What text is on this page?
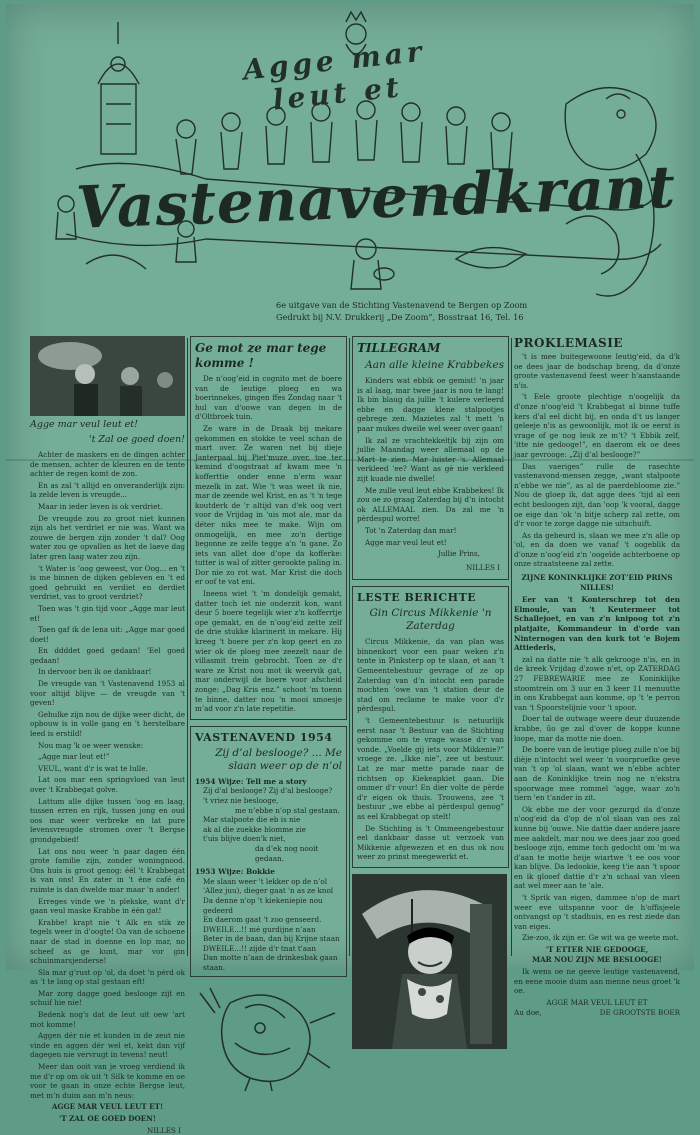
Agge mar leut et
Vastenavendkrant
6e uitgave van de Stichting Vastenavend te Bergen op Zoom
Gedrukt bij N.V. Drukkerij „De Zoom”, Bosstraat 16, Tel. 16
Agge mar veul leut et!
't Zal oe goed doen!

Achter de maskers en de dingen achter de mensen, achter de kleuren en de tente achter de regen komt de zon.

En as zal 't allijd en onveranderlijk zijn: la zelde leven is vreugde...

Maar in ieder leven is ok verdriet.

De vreugde zou zo groot niet kunnen zijn als het verdriet er nie was. Want wa zouwe de bergen zijn zonder 't dal? Oog water zou ge opvallen as het de laeve dag later gren laag water zou zijn.

't Water is ’oog geweest, vor Oog... en 't is me binnen de dijken gebleven en 't ed goed gebruikt en verdiet en derdiet verdriet, vas to groot verdriet?

Toen was 't gin tijd voor „Agge mar leut et!

Toen gaf ik de lena uit: „Agge mar goed doet!

En ddddet goed gedaan! 'Eel goed gedaan!

In dervoor ben ik oe dankbaar!

De vreugde van 't Vastenavend 1953 al voor altijd blijve — de vreugde van 't geven!

Gehulke zijn nou de dijke weer dicht, de opbouw is in volle gang en 't herstelbare leed is erstild!

Nou mag 'k oe weer wenske:

„Agge mar leut et!”

VEUL, want d'r is wat te lulle.

Lat oos mar een springvloed van leut over 't Krabbegat golve.

Lattum alle dijke tussen 'oog en laag, tussen erren en rijk, tussen jong en oud oos mar weer verbreke en lat pure levensvreugde stromen over 't Bergse grondgebied!

Lat ons nou weer 'n paar dagen één grote familie zijn, zonder woningnood. Ons huis is groot genog: éél 't Krabbegat is van ons! En zater in 't éne café én ruimte is dan dwelde mar maar 'n ander!

Erreges vinde we 'n plekske, want d'r gaan veul maske Krabbe in één gat!

Krabbe! krapt nie 't Alk en stik ze tegels weer in d'oogte! Oa van de schoene naar de stad in doenne en lop mar, no scheef as ge kunt, mar vor gin schuinmarsjenderse!

Sla mar g’rust op 'ol, da doet 'n pérd ok as 't te lang op stal gestaan eft!

Mar zorg dagge goed beslooge zijt en schuif hie nie!

Bedenk nog's dat de leut uit oew 'art mot komme!

Aggen dér nie et kunden in de zeut nie vinde en aggen dér wel et, kekt dan vijf dagegen nie vervrugt in tevens! neut!

Meer dan ooit van je vroeg verdiend ik me d'r op om ok uit 't Silk te komme en oe voor te gaan in onze echte Bergse leut, met m’n duim aan m’n neus:

AGGE MAR VEUL LEUT ET!

'T ZAL OE GOED DOEN!

NILLES I
Ge mot ze mar tege komme !

De n’oog’eid in cognito met de boere van de leutige ploeg en wa boerinnekes, gingen ffes Zondag naar 't hul van d'oowe van degen in de d'Oltbroek tuin.

Ze ware in de Draak bij mekare gekommen en stokke te veel schan de mart over. Ze waren net bij dieje Janterpaal bij Piet'muze over, toe ter kemind d'oogstraat af kwam mee 'n kofferttie onder enne n’erm waar mezelk in zat. Wie 't was weet ik nie, mar de zeende wel Krist, en as 't 'n tege koutderk de 'r altijd van d'ek oog vert voor de Vrijdag in 'uis mot ale, mar da déter niks mee te make. Wijn om onmogelijk, en mee zo'n dertige begonne ze zelfe tegge a'n 'n gane. Zo iets van allet doe d’ope da kofferke: tutter is wal of zitter gerookte paling in. Dor nie zo rot wat. Mar Krist die doch er oof te vat eni.

Ineens wiet 't 'm dondelijk gemakt, datter toch iet nie onderzit kon, want deur 5 boere tegelijk wier z'n kofferrtje ope gemakt, en de n’oog’eid zette zelf de drie stukke klarinerit in mekare. Hij kreeg 't boere per z'n kop geert en zo wier ok de ploeg mee zeezelt naar de villasmit trein gebrocht. Toen ze d'r ware ze Krist nou mot ik weervik gat, mar onderwijl de boere voor afscheid zonge: „Dag Kris enz.” schoot 'm toenn te binne, datter nou 'n mooi smoesje m’ad voor z'n late repetitie.

VASTENAVEND 1954
Zij d’al beslooge? ... Me slaan weer op de n’ol
1954 Wijze: Tell me a story
Zij d'al beslooge? Zij d'al beslooge?
't vriez nie beslooge,
me n’ebbe n’op stal gestaan.
Mar stalpoote die eb is nie
ak al die zuekke blomme zie
t'uis blijve doen'k niet,
da d’ek nog nooit gedaan.
1953 Wijze: Bokkie
Me slaan weer 't lekker op de n’ol
'Allez juu), dieger gaat 'n as ze knol
Da denne n'op 't kiekeniepie nou gedeerd
En daerom gaat 't zoo genseerd.
DWEILE...!! mé gurdijne n’aan
Beter in de baan, dan bij Krijne staan
DWEILE...!! zijde d'r tnat t'aan
Dan motte n’aan de drinkesbak gaan staan.
TILLEGRAM
Aan alle kleine Krabbekes

Kinders wat ebbik oe gemist! 'n jaar is al laag, mar twee jaar is nou te lang! Ik bin blaug da jullie 't kulere verleerd ebbe en dagge klene stalpootjes gebrege zen. Mazietes zal 't mett 'n paar mukes dweile wel weer over gaan!

Ik zal ze vrachtekkeltjk bij zijn om jullie Maandag weer allemaal op de Mart te zien. Mar luister 's. Allemaal verkleed 'ee? Want as gè nie verkleed zijt kuade nie dwelle!

Me zulle veul leut ebbe Krabbekes! Ik zou oe zo graag Zaterdag bij d’n intocht ok ALLEMAAL zien. Da zal me 'n pèrdespul worre!

Tot 'n Zaterdag dan mar!

Agge mar veul leut et!

Jullie Prins,
NILLES I
LESTE BERICHTE
Gin Circus Mikkenie 'n Zaterdag

Circus Mikkenie, da van plan was binnenkort voor een paar weken z'n tente in Pinksterp op te slaan, et aan 't Gemeentebestuur gevrage of ze op Zaterdag van d’n intocht een parade mochten 'owe van 't station deur de stad om reclame te make voor d'r pèrdespul.

't Gemeentebestuur is netuurlijk eerst naar 't Bestuur van de Stichting gekomme om te vrage wasse d'r van vonde. „Voelde gij iets voor Mikkenie?” vroege ze. „Ikke nie”, zee ut bestuur. Lat ze mar mette parade naar de richtsen op Kiekeapkiet gaan. Die ommer d'r vour! En dier volte de pèrde d'r eigen ok thuis. Trouwens, zee 't bestuur „we ebbe al pèrdespul genog” as eel Krabbegat op stelt!

De Stichting is 't Ommeengebestuur eel dankbaar dasse ut verzoek van Mikkenie afgewezen et en dus ok nou weer zo prinst meegewerkt et.

PROKLEMASIE

't is mee buitegewoone leutig'eid, da d'k oe dees jaar de bodschap breng, da d'onze groote vastenavend feest weer h'aanstaande n'is.

't Eele groote plechtige n'oogelijk da d'onze n'oog'eid 't Krabbegat al binne tuffe kers d'al eel dicht bij, en onda d't us langer geleeje n'is as gewoonlijk, mot ik oe eerst is vrage of ge nog leuk ze m’t? 't Ebbik zelf, 'itte nie gedooge!”, en daerom ek oe dees jaar gevrooge: „Zij d’al beslooge?”

Das vaeriges” rulle de rasechte vastenavond-mensen zegge, „want stalpoote n’ebbe we nie”, as al de paerdebloome zie.” Nou de gloep ik, dat agge dees ’tijd al een echt besloogen zijt, dan 'oop 'k vooral, dagge oe eige dan 'ok 'n bitje scherp zal zette, om d'r voor te zorge dagge nie uitschuift.

As da gebeurd is, slaan we mee z'n alle op 'ol, en da doen we vanaf 't oogeblik da d’onze n’oog’eid z'n 'oogeïde achterboene op onze straatsteene zal zette.

ZIJNE KONINKLIJKE ZOT’EID PRINS NILLES!

Eer van 't Konterschrep tot den Elmoule, van 't Keutermeer tot Schallejoet, en van z'n knipoog tot z'n platjaite, Kommandeur in d'orde van Ninternogen van den kurk tot 'e Bojem Attiederls,

zal na datte nie 't alk gekrooge n'is, en in de kreek Vrijdag d'zowe n'et, op ZATERDAG 27 FEBREWARIE mee ze Koninklijke stoomtrein om 3 uur en 3 keer 11 menuutte in ons Krabbegat aan komme, op 't 'e perron van 't Spoorstelijnie voor 't spoor.

Doer tal de outwage weere deur duuzende krabbe, ûo ge zal d'over de koppe kunne loope, mar da motte nie doen.

De boere van de leutige ploeg zulle n'oe bij dièje n'intocht wel weer 'n voorproefke geve van 't op 'ol slaan, want we n’ebbe achter aan de Koninklijke trein nog ne n'ekstra spoorwage mee rommel 'agge, waar zo'n tiern 'en t'ander in zit.

Ok ebbe me der voor gezurgd da d'onze n'oog'eid da d'op de n'ol slaan van oes zal kunne bij 'ouwe. Nie dattie daer andere jaare mee aakdelt, mar nou we dees jaar zoo goed beslooge zijn, emme toch gedocht om 'm wa d'aan te motte heije wiartwe 't ee oos voor kan blijve. Da ledookie, keeg t'ie aan 't spoor en ik glooef dattie d'r z'n schaal van vleen aat wel meer aan te 'ale.

't Sprik van eigen, dammee n'op de mart weer eve uitspanne voor de h'offisjeele ontvangst op 't stadhuis, en es rest ziede dan van eiges.

Zie-zoo, ik zijn er. Ge wit wa ge weete mot.

'T ETTER NIE GEDOOGE,
MAR NOU ZIJN ME BESLOOGE!

Ik wens oe ne geeve leutige vastenavend, en eene mooie duim aan menne neus groet 'k oe.

AGGE MAR VEUL LEUT ET
Au doe,	DE GROOTSTE BOER
